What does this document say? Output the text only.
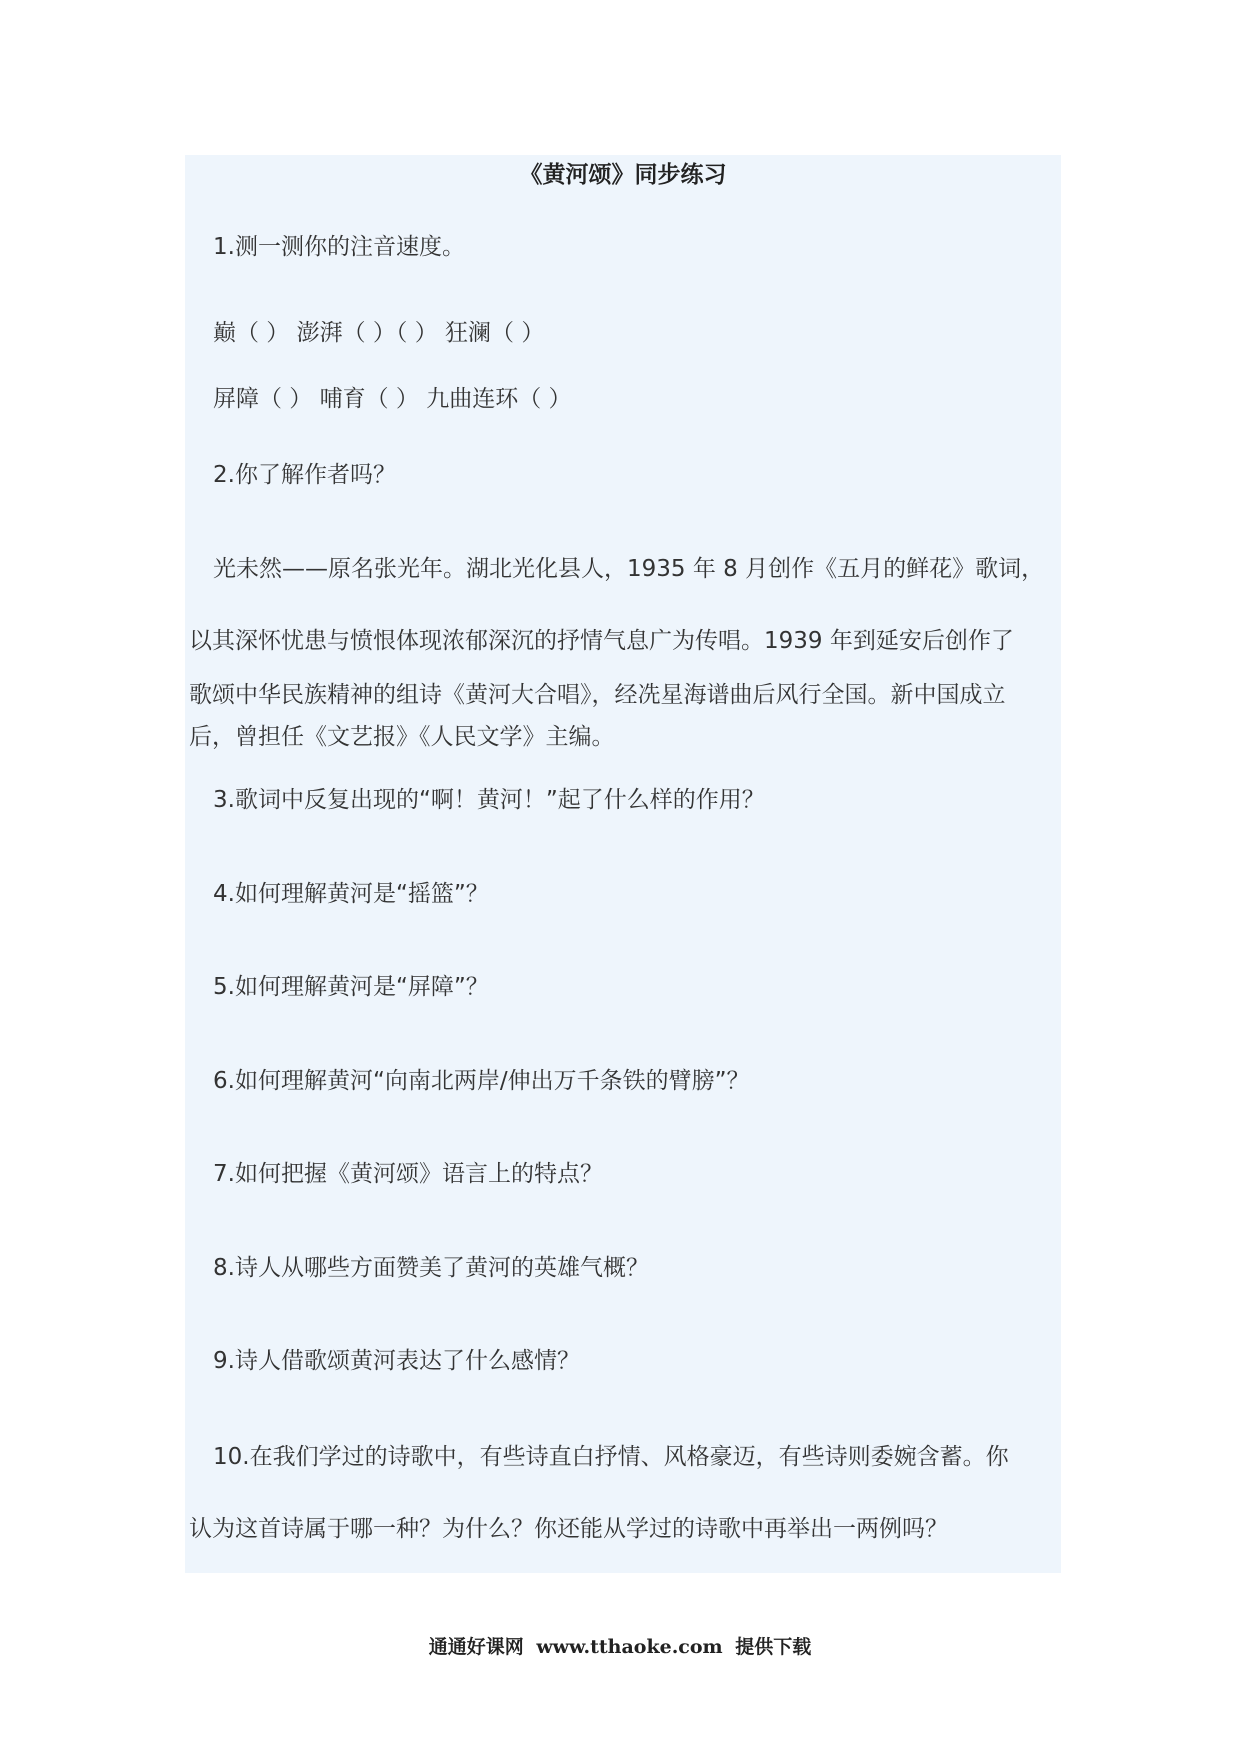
《黄河颂》同步练习
1.测一测你的注音速度。
巅（ ） 澎湃（ ）（ ） 狂澜（ ）
屏障（ ） 哺育（ ） 九曲连环（ ）
2.你了解作者吗？
光未然——原名张光年。湖北光化县人，1935 年 8 月创作《五月的鲜花》歌词，
以其深怀忧患与愤恨体现浓郁深沉的抒情气息广为传唱。1939 年到延安后创作了
歌颂中华民族精神的组诗《黄河大合唱》，经冼星海谱曲后风行全国。新中国成立
后，曾担任《文艺报》《人民文学》主编。
3.歌词中反复出现的“啊！黄河！”起了什么样的作用？
4.如何理解黄河是“摇篮”？
5.如何理解黄河是“屏障”？
6.如何理解黄河“向南北两岸/伸出万千条铁的臂膀”？
7.如何把握《黄河颂》语言上的特点？
8.诗人从哪些方面赞美了黄河的英雄气概？
9.诗人借歌颂黄河表达了什么感情？
10.在我们学过的诗歌中，有些诗直白抒情、风格豪迈，有些诗则委婉含蓄。你
认为这首诗属于哪一种？为什么？你还能从学过的诗歌中再举出一两例吗？
通通好课网 www.tthaoke.com 提供下载
